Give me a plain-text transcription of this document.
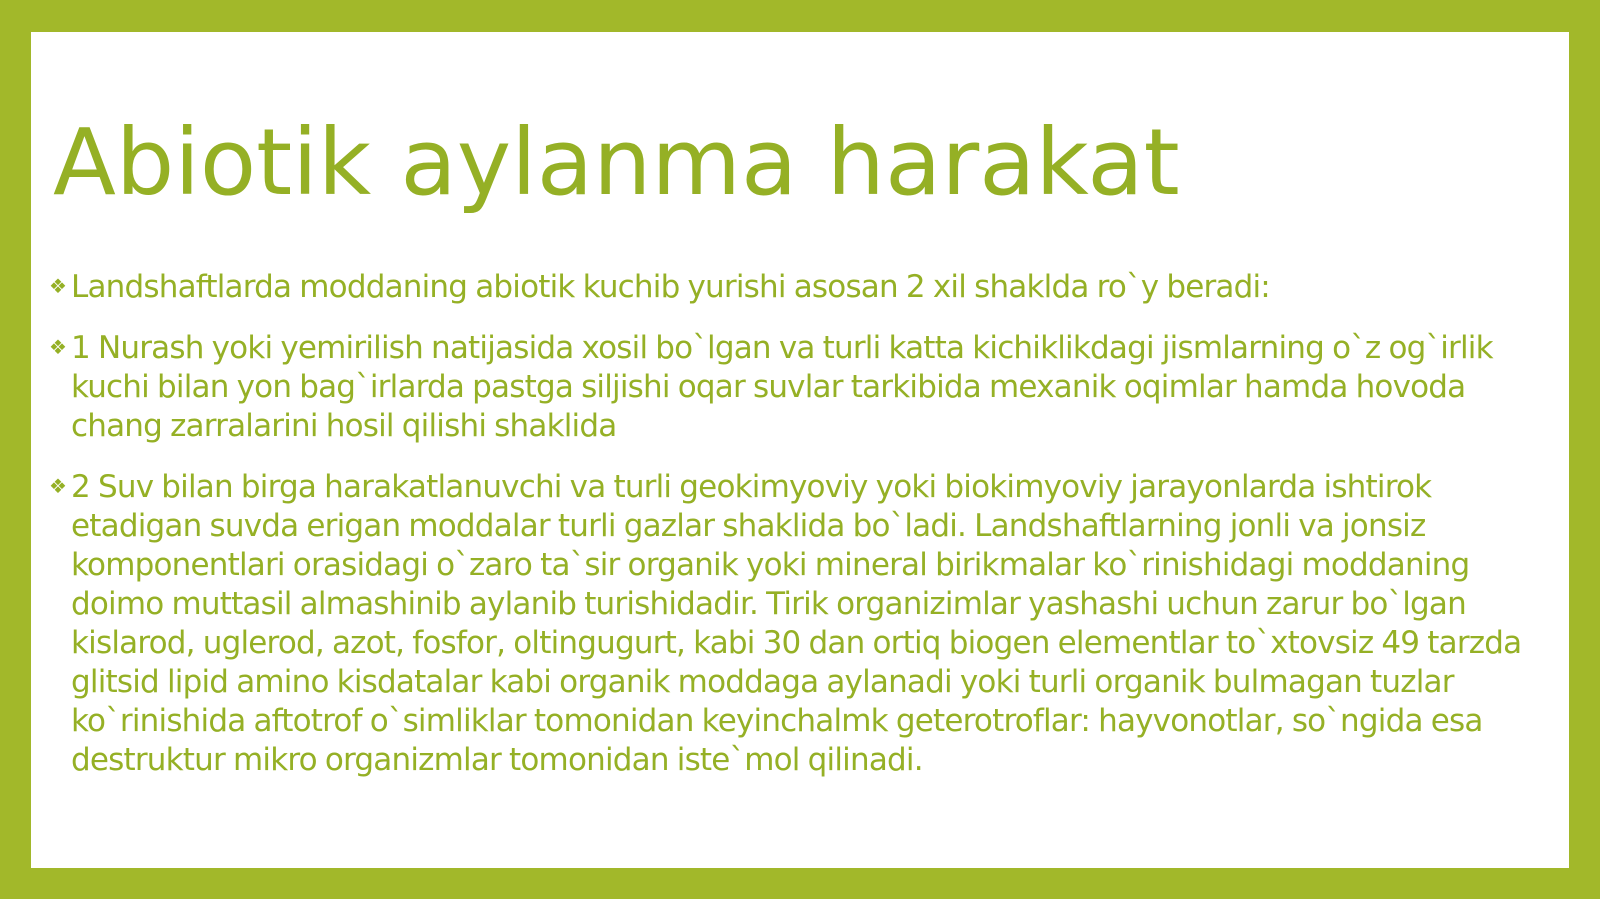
Abiotik aylanma harakat
❖ Landshaftlarda moddaning abiotik kuchib yurishi asosan 2 xil shaklda ro`y beradi:
❖ 1 Nurash yoki yemirilish natijasida xosil bo`lgan va turli katta kichiklikdagi jismlarning o`z og`irlik kuchi bilan yon bag`irlarda pastga siljishi oqar suvlar tarkibida mexanik oqimlar hamda hovoda chang zarralarini hosil qilishi shaklida
❖ 2 Suv bilan birga harakatlanuvchi va turli geokimyoviy yoki biokimyoviy jarayonlarda ishtirok etadigan suvda erigan moddalar turli gazlar shaklida bo`ladi. Landshaftlarning jonli va jonsiz komponentlari orasidagi o`zaro ta`sir organik yoki mineral birikmalar ko`rinishidagi moddaning doimo muttasil almashinib aylanib turishidadir. Tirik organizimlar yashashi uchun zarur bo`lgan kislarod, uglerod, azot, fosfor, oltingugurt, kabi 30 dan ortiq biogen elementlar to`xtovsiz 49 tarzda glitsid lipid amino kisdatalar kabi organik moddaga aylanadi yoki turli organik bulmagan tuzlar ko`rinishida aftotrof o`simliklar tomonidan keyinchalmk geterotroflar: hayvonotlar, so`ngida esa destruktur mikro organizmlar tomonidan iste`mol qilinadi.
